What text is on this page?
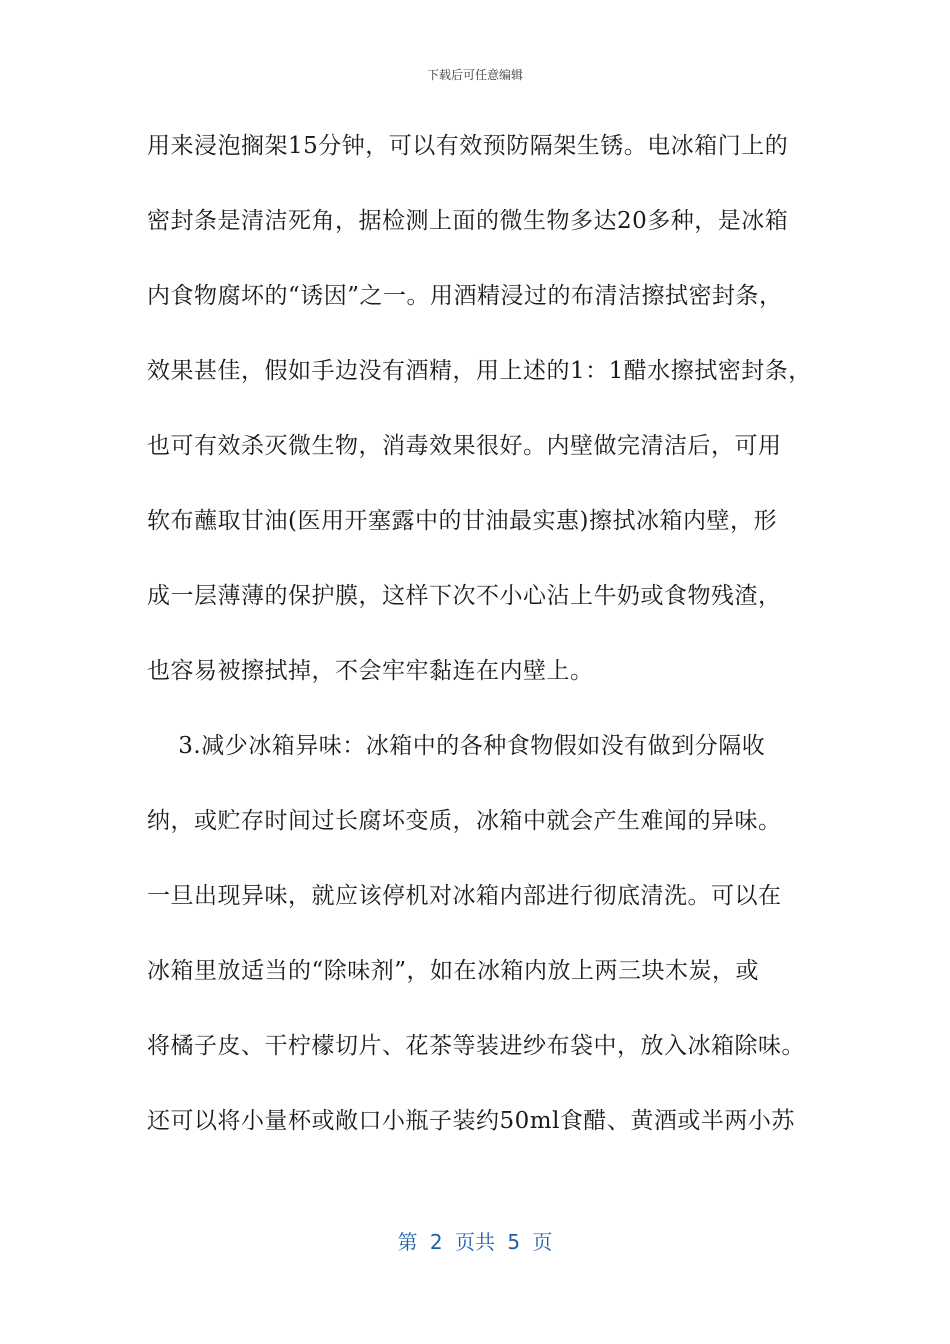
下载后可任意编辑
用来浸泡搁架15分钟，可以有效预防隔架生锈。电冰箱门上的
密封条是清洁死角，据检测上面的微生物多达20多种，是冰箱
内食物腐坏的“诱因”之一。用酒精浸过的布清洁擦拭密封条，
效果甚佳，假如手边没有酒精，用上述的1：1醋水擦拭密封条，
也可有效杀灭微生物，消毒效果很好。内壁做完清洁后，可用
软布蘸取甘油(医用开塞露中的甘油最实惠)擦拭冰箱内壁，形
成一层薄薄的保护膜，这样下次不小心沾上牛奶或食物残渣，
也容易被擦拭掉，不会牢牢黏连在内壁上。
3.减少冰箱异味：冰箱中的各种食物假如没有做到分隔收
纳，或贮存时间过长腐坏变质，冰箱中就会产生难闻的异味。
一旦出现异味，就应该停机对冰箱内部进行彻底清洗。可以在
冰箱里放适当的“除味剂”，如在冰箱内放上两三块木炭，或
将橘子皮、干柠檬切片、花茶等装进纱布袋中，放入冰箱除味。
还可以将小量杯或敞口小瓶子装约50ml食醋、黄酒或半两小苏
第 2 页共 5 页
